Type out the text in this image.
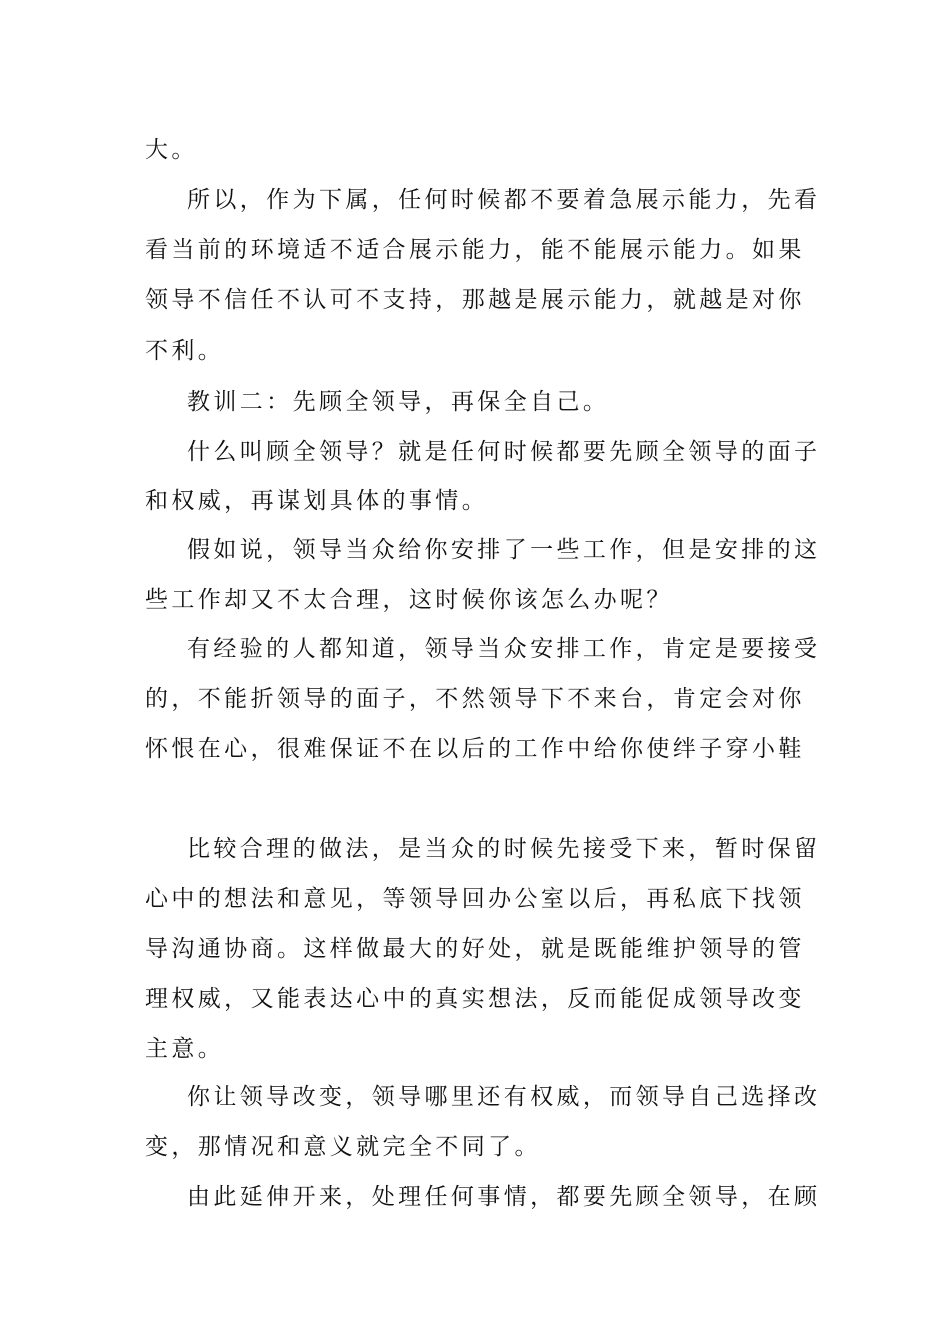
大 。
所 以 ， 作 为 下 属 ， 任 何 时 候 都 不 要 着 急 展 示 能 力 ， 先 看
看 当 前 的 环 境 适 不 适 合 展 示 能 力 ， 能 不 能 展 示 能 力 。 如 果
领 导 不 信 任 不 认 可 不 支 持 ， 那 越 是 展 示 能 力 ， 就 越 是 对 你
不 利 。
教 训 二 ： 先 顾 全 领 导 ， 再 保 全 自 己 。
什 么 叫 顾 全 领 导 ？ 就 是 任 何 时 候 都 要 先 顾 全 领 导 的 面 子
和 权 威 ， 再 谋 划 具 体 的 事 情 。
假 如 说 ， 领 导 当 众 给 你 安 排 了 一 些 工 作 ， 但 是 安 排 的 这
些 工 作 却 又 不 太 合 理 ， 这 时 候 你 该 怎 么 办 呢 ？
有 经 验 的 人 都 知 道 ， 领 导 当 众 安 排 工 作 ， 肯 定 是 要 接 受
的 ， 不 能 折 领 导 的 面 子 ， 不 然 领 导 下 不 来 台 ， 肯 定 会 对 你
怀 恨 在 心 ， 很 难 保 证 不 在 以 后 的 工 作 中 给 你 使 绊 子 穿 小 鞋
比 较 合 理 的 做 法 ， 是 当 众 的 时 候 先 接 受 下 来 ， 暂 时 保 留
心 中 的 想 法 和 意 见 ， 等 领 导 回 办 公 室 以 后 ， 再 私 底 下 找 领
导 沟 通 协 商 。 这 样 做 最 大 的 好 处 ， 就 是 既 能 维 护 领 导 的 管
理 权 威 ， 又 能 表 达 心 中 的 真 实 想 法 ， 反 而 能 促 成 领 导 改 变
主 意 。
你 让 领 导 改 变 ， 领 导 哪 里 还 有 权 威 ， 而 领 导 自 己 选 择 改
变 ， 那 情 况 和 意 义 就 完 全 不 同 了 。
由 此 延 伸 开 来 ， 处 理 任 何 事 情 ， 都 要 先 顾 全 领 导 ， 在 顾
